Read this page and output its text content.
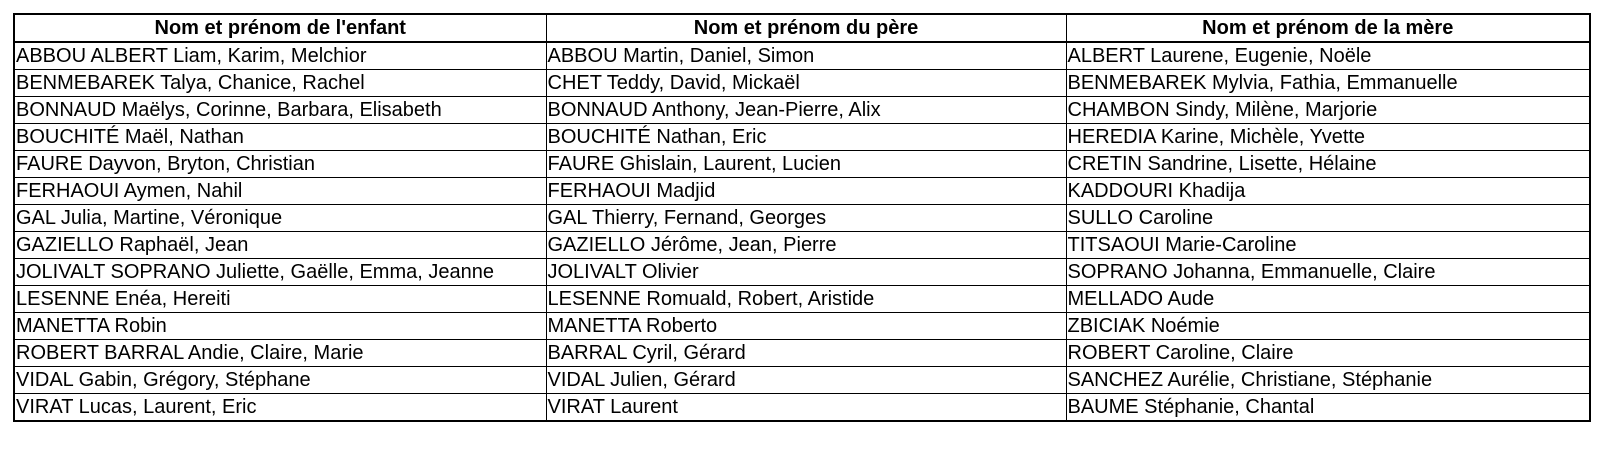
Nom et prénom de l'enfant	Nom et prénom du père	Nom et prénom de la mère
ABBOU ALBERT Liam, Karim, Melchior	ABBOU Martin, Daniel, Simon	ALBERT Laurene, Eugenie, Noële
BENMEBAREK Talya, Chanice, Rachel	CHET Teddy, David, Mickaël	BENMEBAREK Mylvia, Fathia, Emmanuelle
BONNAUD Maëlys, Corinne, Barbara, Elisabeth	BONNAUD Anthony, Jean-Pierre, Alix	CHAMBON Sindy, Milène, Marjorie
BOUCHITÉ Maël, Nathan	BOUCHITÉ Nathan, Eric	HEREDIA Karine, Michèle, Yvette
FAURE Dayvon, Bryton, Christian	FAURE Ghislain, Laurent, Lucien	CRETIN Sandrine, Lisette, Hélaine
FERHAOUI Aymen, Nahil	FERHAOUI Madjid	KADDOURI Khadija
GAL Julia, Martine, Véronique	GAL Thierry, Fernand, Georges	SULLO Caroline
GAZIELLO Raphaël, Jean	GAZIELLO Jérôme, Jean, Pierre	TITSAOUI Marie-Caroline
JOLIVALT SOPRANO Juliette, Gaëlle, Emma, Jeanne	JOLIVALT Olivier	SOPRANO Johanna, Emmanuelle, Claire
LESENNE Enéa, Hereiti	LESENNE Romuald, Robert, Aristide	MELLADO Aude
MANETTA Robin	MANETTA Roberto	ZBICIAK Noémie
ROBERT BARRAL Andie, Claire, Marie	BARRAL Cyril, Gérard	ROBERT Caroline, Claire
VIDAL Gabin, Grégory, Stéphane	VIDAL Julien, Gérard	SANCHEZ Aurélie, Christiane, Stéphanie
VIRAT Lucas, Laurent, Eric	VIRAT Laurent	BAUME Stéphanie, Chantal
